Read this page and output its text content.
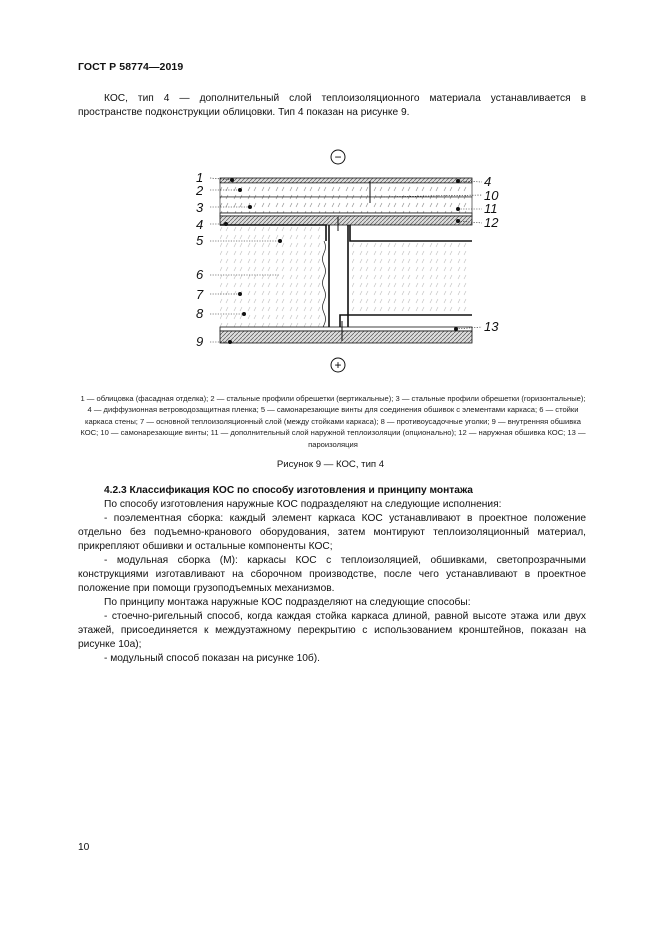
ГОСТ Р 58774—2019
КОС, тип 4 — дополнительный слой теплоизоляционного материала устанавливается в пространстве подконструкции облицовки. Тип 4 показан на рисунке 9.
−
1
2
3
4
5
6
7
8
9
4
10
11
12
13
+
1 — облицовка (фасадная отделка); 2 — стальные профили обрешетки (вертикальные); 3 — стальные профили обрешетки (горизонтальные); 4 — диффузионная ветроводозащитная пленка; 5 — самонарезающие винты для соединения обшивок с элементами каркаса; 6 — стойки каркаса стены; 7 — основной теплоизоляционный слой (между стойками каркаса); 8 — противоусадочные уголки; 9 — внутренняя обшивка КОС; 10 — самонарезающие винты; 11 — дополнительный слой наружной теплоизоляции (опционально); 12 — наружная обшивка КОС; 13 — пароизоляция
Рисунок 9 — КОС, тип 4

4.2.3 Классификация КОС по способу изготовления и принципу монтажа

По способу изготовления наружные КОС подразделяют на следующие исполнения:

- поэлементная сборка: каждый элемент каркаса КОС устанавливают в проектное положение отдельно без подъемно-кранового оборудования, затем монтируют теплоизоляционный материал, прикрепляют обшивки и остальные компоненты КОС;

- модульная сборка (М): каркасы КОС с теплоизоляцией, обшивками, светопрозрачными конструкциями изготавливают на сборочном производстве, после чего устанавливают в проектное положение при помощи грузоподъемных механизмов.

По принципу монтажа наружные КОС подразделяют на следующие способы:

- стоечно-ригельный способ, когда каждая стойка каркаса длиной, равной высоте этажа или двух этажей, присоединяется к междуэтажному перекрытию с использованием кронштейнов, показан на рисунке 10а);

- модульный способ показан на рисунке 10б).

10
